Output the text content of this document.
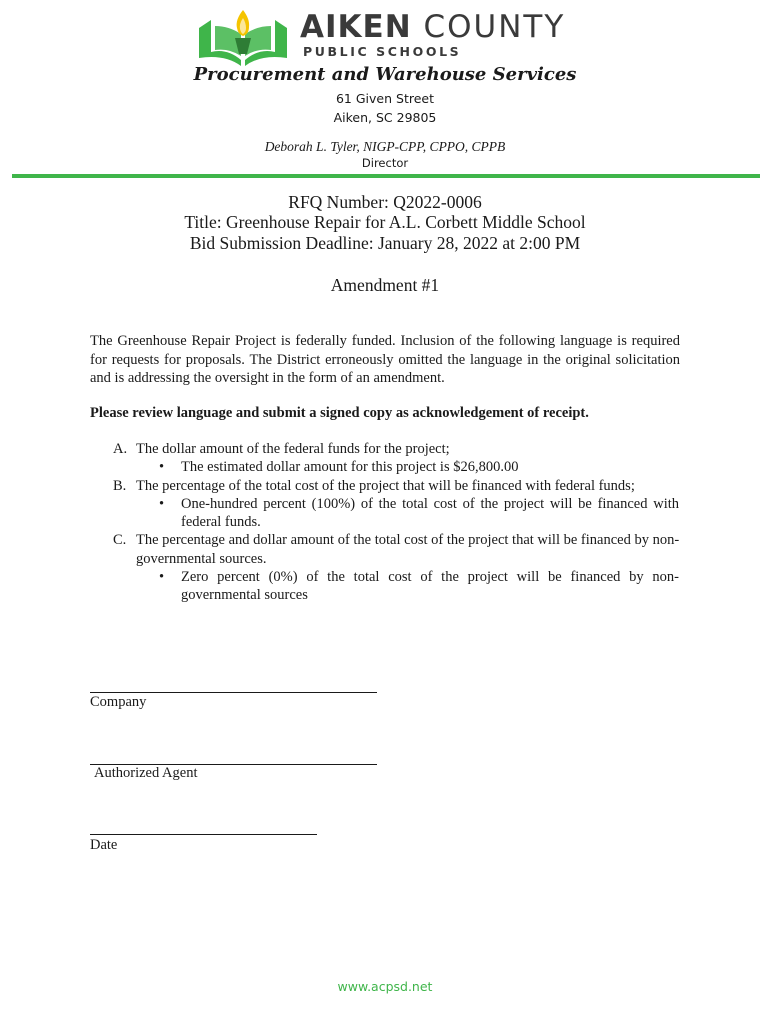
AIKEN COUNTY
PUBLIC SCHOOLS
Procurement and Warehouse Services
61 Given Street
Aiken, SC 29805
Deborah L. Tyler, NIGP-CPP, CPPO, CPPB
Director
RFQ Number: Q2022-0006
Title: Greenhouse Repair for A.L. Corbett Middle School
Bid Submission Deadline: January 28, 2022 at 2:00 PM
Amendment #1
The Greenhouse Repair Project is federally funded. Inclusion of the following language is required for requests for proposals. The District erroneously omitted the language in the original solicitation and is addressing the oversight in the form of an amendment.
Please review language and submit a signed copy as acknowledgement of receipt.
A. The dollar amount of the federal funds for the project;
• The estimated dollar amount for this project is $26,800.00
B. The percentage of the total cost of the project that will be financed with federal funds;
• One-hundred percent (100%) of the total cost of the project will be financed with federal funds.
C. The percentage and dollar amount of the total cost of the project that will be financed by non-governmental sources.
• Zero percent (0%) of the total cost of the project will be financed by non-governmental sources
Company
Authorized Agent
Date
www.acpsd.net
